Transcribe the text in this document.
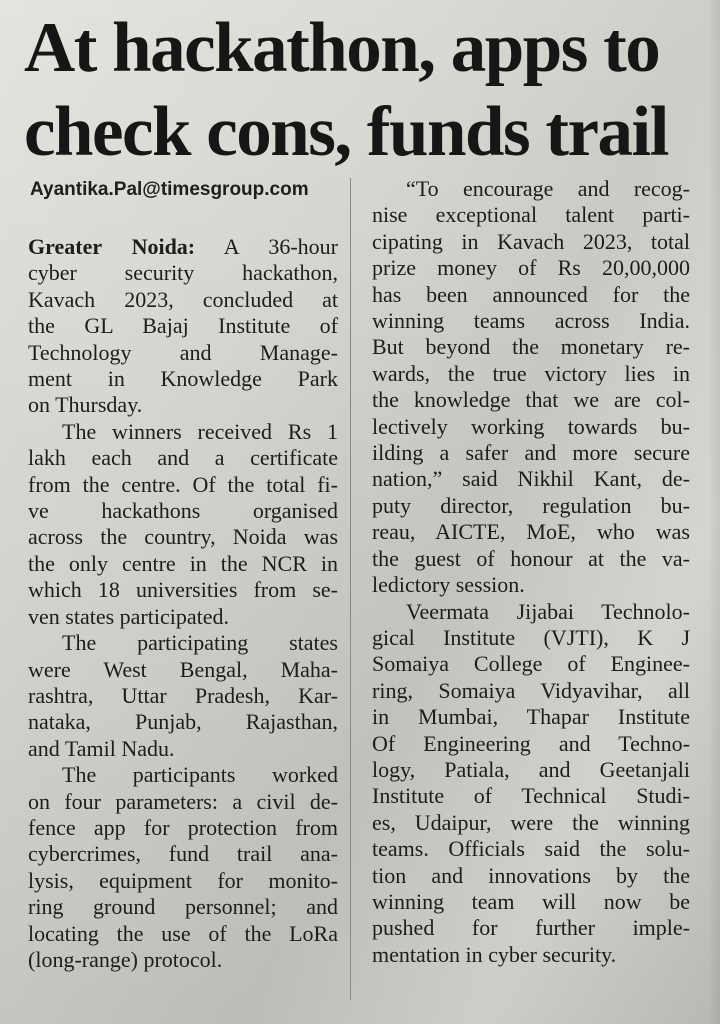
At hackathon, apps to
check cons, funds trail
Ayantika.Pal@timesgroup.com
Greater Noida: A 36-hour
cyber security hackathon,
Kavach 2023, concluded at
the GL Bajaj Institute of
Technology and Manage-
ment in Knowledge Park
on Thursday.
The winners received Rs 1
lakh each and a certificate
from the centre. Of the total fi-
ve hackathons organised
across the country, Noida was
the only centre in the NCR in
which 18 universities from se-
ven states participated.
The participating states
were West Bengal, Maha-
rashtra, Uttar Pradesh, Kar-
nataka, Punjab, Rajasthan,
and Tamil Nadu.
The participants worked
on four parameters: a civil de-
fence app for protection from
cybercrimes, fund trail ana-
lysis, equipment for monito-
ring ground personnel; and
locating the use of the LoRa
(long-range) protocol.
“To encourage and recog-
nise exceptional talent parti-
cipating in Kavach 2023, total
prize money of Rs 20,00,000
has been announced for the
winning teams across India.
But beyond the monetary re-
wards, the true victory lies in
the knowledge that we are col-
lectively working towards bu-
ilding a safer and more secure
nation,” said Nikhil Kant, de-
puty director, regulation bu-
reau, AICTE, MoE, who was
the guest of honour at the va-
ledictory session.
Veermata Jijabai Technolo-
gical Institute (VJTI), K J
Somaiya College of Enginee-
ring, Somaiya Vidyavihar, all
in Mumbai, Thapar Institute
Of Engineering and Techno-
logy, Patiala, and Geetanjali
Institute of Technical Studi-
es, Udaipur, were the winning
teams. Officials said the solu-
tion and innovations by the
winning team will now be
pushed for further imple-
mentation in cyber security.
